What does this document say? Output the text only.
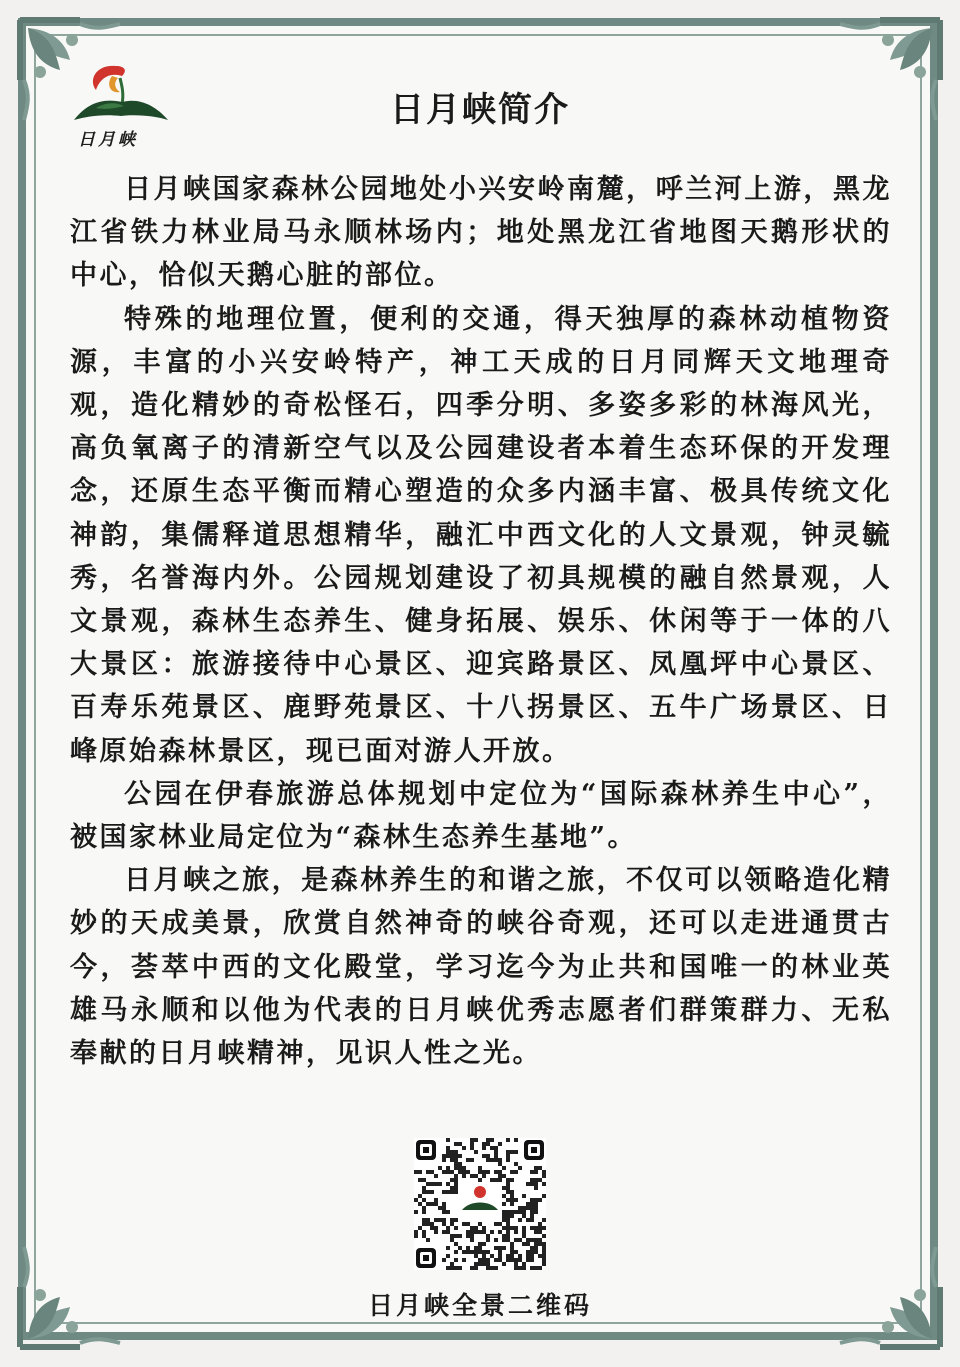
日月峡
日月峡简介

日月峡国家森林公园地处小兴安岭南麓，呼兰河上游，黑龙江省铁力林业局马永顺林场内；地处黑龙江省地图天鹅形状的中心，恰似天鹅心脏的部位。

特殊的地理位置，便利的交通，得天独厚的森林动植物资源，丰富的小兴安岭特产，神工天成的日月同辉天文地理奇观，造化精妙的奇松怪石，四季分明、多姿多彩的林海风光，高负氧离子的清新空气以及公园建设者本着生态环保的开发理念，还原生态平衡而精心塑造的众多内涵丰富、极具传统文化神韵，集儒释道思想精华，融汇中西文化的人文景观，钟灵毓秀，名誉海内外。公园规划建设了初具规模的融自然景观，人文景观，森林生态养生、健身拓展、娱乐、休闲等于一体的八大景区：旅游接待中心景区、迎宾路景区、凤凰坪中心景区、百寿乐苑景区、鹿野苑景区、十八拐景区、五牛广场景区、日峰原始森林景区，现已面对游人开放。

公园在伊春旅游总体规划中定位为“国际森林养生中心”，被国家林业局定位为“森林生态养生基地”。

日月峡之旅，是森林养生的和谐之旅，不仅可以领略造化精妙的天成美景，欣赏自然神奇的峡谷奇观，还可以走进通贯古今，荟萃中西的文化殿堂，学习迄今为止共和国唯一的林业英雄马永顺和以他为代表的日月峡优秀志愿者们群策群力、无私奉献的日月峡精神，见识人性之光。

日月峡全景二维码
